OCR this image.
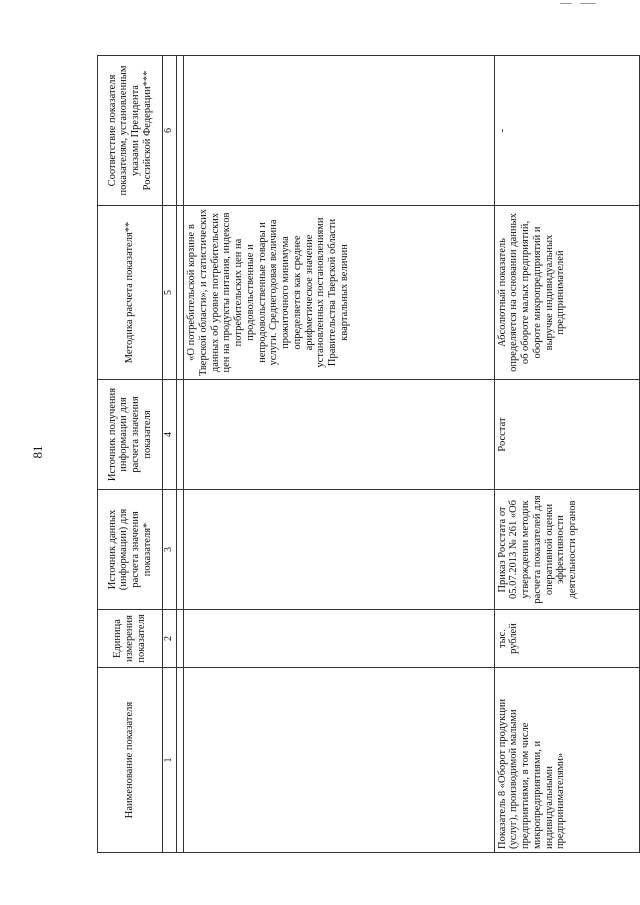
81
Наименование показателя	Единица измерения показателя	Источник данных (информации) для расчета значения показателя*	Источник получения информации для расчета значения показателя	Методика расчета показателя**	Соответствие показателя показателям, установленным указами Президента Российской Федерации***
1	2	3	4	5	6

				«О потребительской корзине в Тверской области», и статистических данных об уровне потребительских цен на продукты питания, индексов потребительских цен на продовольственные и непродовольственные товары и услуги. Среднегодовая величина прожиточного минимума определяется как среднее арифметическое значение установленных постановлениями Правительства Тверской области квартальных величин	
Показатель 8 «Оборот продукции (услуг), производимой малыми предприятиями, в том числе микропредприятиями, и индивидуальными предпринимателями»	тыс. рублей	Приказ Росстата от 05.07.2013 № 261 «Об утверждении методик расчета показателей для оперативной оценки эффективности деятельности органов	Росстат	Абсолютный показатель определяется на основании данных об обороте малых предприятий, обороте микропредприятий и выручке индивидуальных предпринимателей	-
